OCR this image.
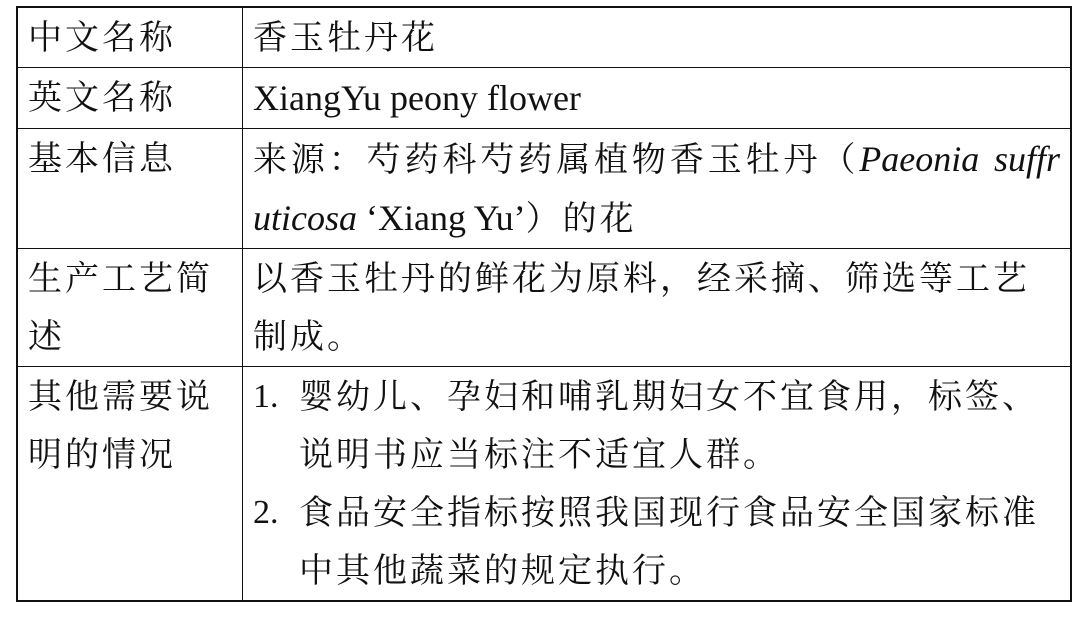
中文名称	香玉牡丹花
英文名称	XiangYu peony flower
基本信息	来源：芍药科芍药属植物香玉牡丹（Paeonia suffruticosa ‘Xiang Yu’）的花
生产工艺简述	以香玉牡丹的鲜花为原料，经采摘、筛选等工艺制成。
其他需要说明的情况	1. 婴幼儿、孕妇和哺乳期妇女不宜食用，标签、说明书应当标注不适宜人群。
2. 食品安全指标按照我国现行食品安全国家标准中其他蔬菜的规定执行。
